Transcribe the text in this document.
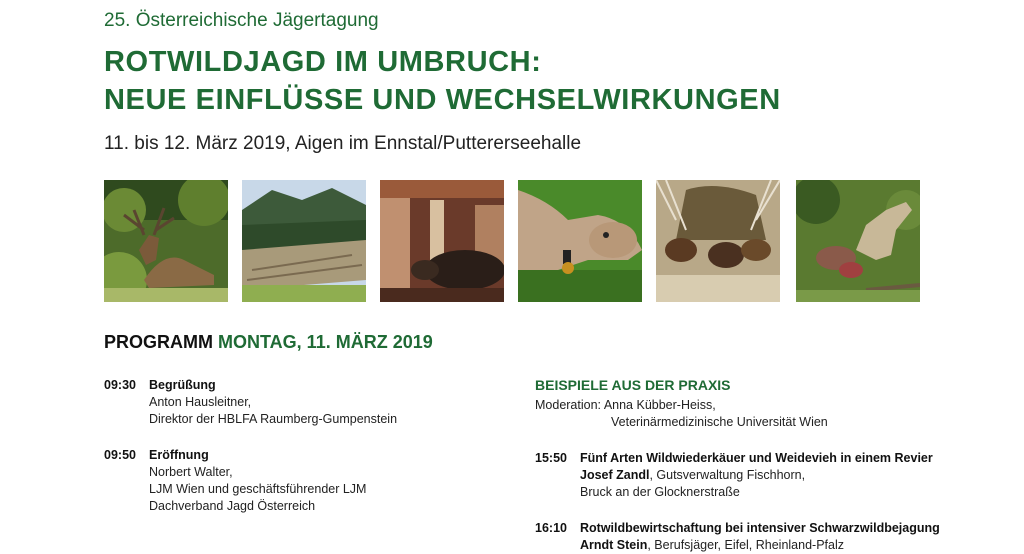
25. Österreichische Jägertagung
ROTWILDJAGD IM UMBRUCH:
NEUE EINFLÜSSE UND WECHSELWIRKUNGEN
11. bis 12. März 2019, Aigen im Ennstal/Puttererseehalle
PROGRAMM MONTAG, 11. MÄRZ 2019
09:30 Begrüßung
Anton Hausleitner,
Direktor der HBLFA Raumberg-Gumpenstein
09:50 Eröffnung
Norbert Walter,
LJM Wien und geschäftsführender LJM
Dachverband Jagd Österreich
BEISPIELE AUS DER PRAXIS
Moderation: Anna Kübber-Heiss,
Veterinärmedizinische Universität Wien
15:50 Fünf Arten Wildwiederkäuer und Weidevieh in einem Revier
Josef Zandl, Gutsverwaltung Fischhorn,
Bruck an der Glocknerstraße
16:10 Rotwildbewirtschaftung bei intensiver Schwarzwildbejagung
Arndt Stein, Berufsjäger, Eifel, Rheinland-Pfalz
